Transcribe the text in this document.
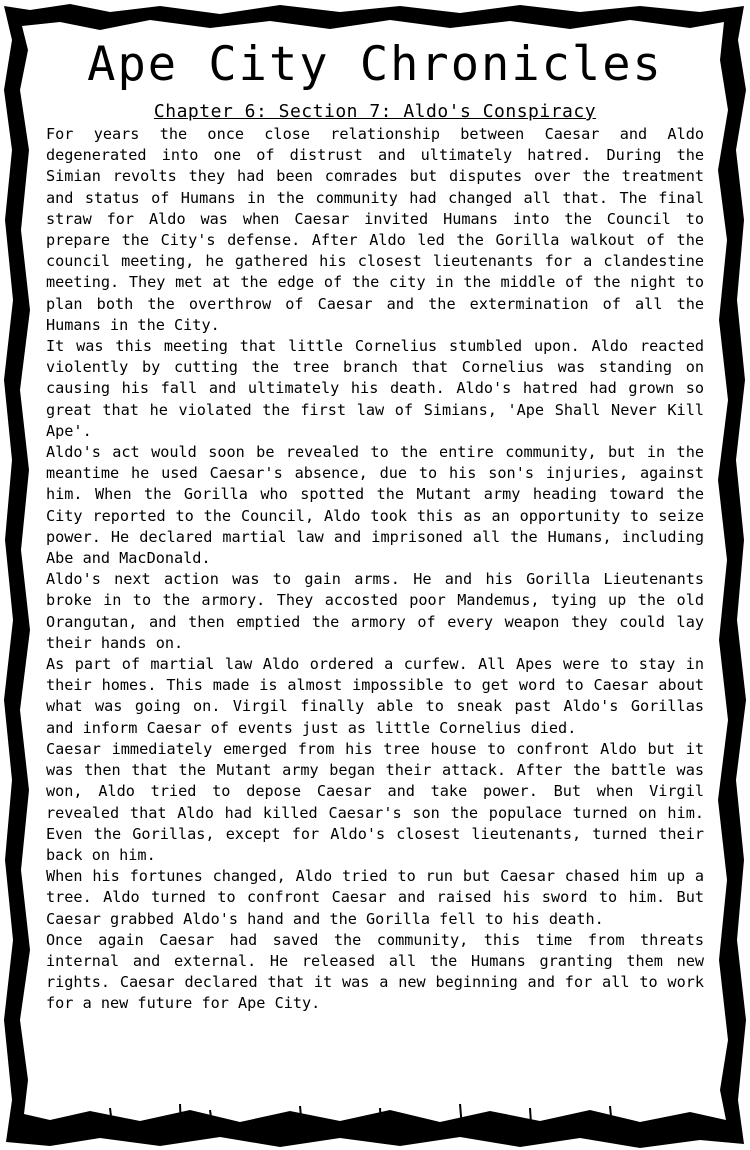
Ape City Chronicles
Chapter 6: Section 7: Aldo's Conspiracy

For years the once close relationship between Caesar and Aldo degenerated into one of distrust and ultimately hatred. During the Simian revolts they had been comrades but disputes over the treatment and status of Humans in the community had changed all that. The final straw for Aldo was when Caesar invited Humans into the Council to prepare the City's defense. After Aldo led the Gorilla walkout of the council meeting, he gathered his closest lieutenants for a clandestine meeting. They met at the edge of the city in the middle of the night to plan both the overthrow of Caesar and the extermination of all the Humans in the City.

It was this meeting that little Cornelius stumbled upon. Aldo reacted violently by cutting the tree branch that Cornelius was standing on causing his fall and ultimately his death. Aldo's hatred had grown so great that he violated the first law of Simians, 'Ape Shall Never Kill Ape'.

Aldo's act would soon be revealed to the entire community, but in the meantime he used Caesar's absence, due to his son's injuries, against him. When the Gorilla who spotted the Mutant army heading toward the City reported to the Council, Aldo took this as an opportunity to seize power. He declared martial law and imprisoned all the Humans, including Abe and MacDonald.

Aldo's next action was to gain arms. He and his Gorilla Lieutenants broke in to the armory. They accosted poor Mandemus, tying up the old Orangutan, and then emptied the armory of every weapon they could lay their hands on.

As part of martial law Aldo ordered a curfew. All Apes were to stay in their homes. This made is almost impossible to get word to Caesar about what was going on. Virgil finally able to sneak past Aldo's Gorillas and inform Caesar of events just as little Cornelius died.

Caesar immediately emerged from his tree house to confront Aldo but it was then that the Mutant army began their attack. After the battle was won, Aldo tried to depose Caesar and take power. But when Virgil revealed that Aldo had killed Caesar's son the populace turned on him. Even the Gorillas, except for Aldo's closest lieutenants, turned their back on him.

When his fortunes changed, Aldo tried to run but Caesar chased him up a tree. Aldo turned to confront Caesar and raised his sword to him. But Caesar grabbed Aldo's hand and the Gorilla fell to his death.

Once again Caesar had saved the community, this time from threats internal and external. He released all the Humans granting them new rights. Caesar declared that it was a new beginning and for all to work for a new future for Ape City.
